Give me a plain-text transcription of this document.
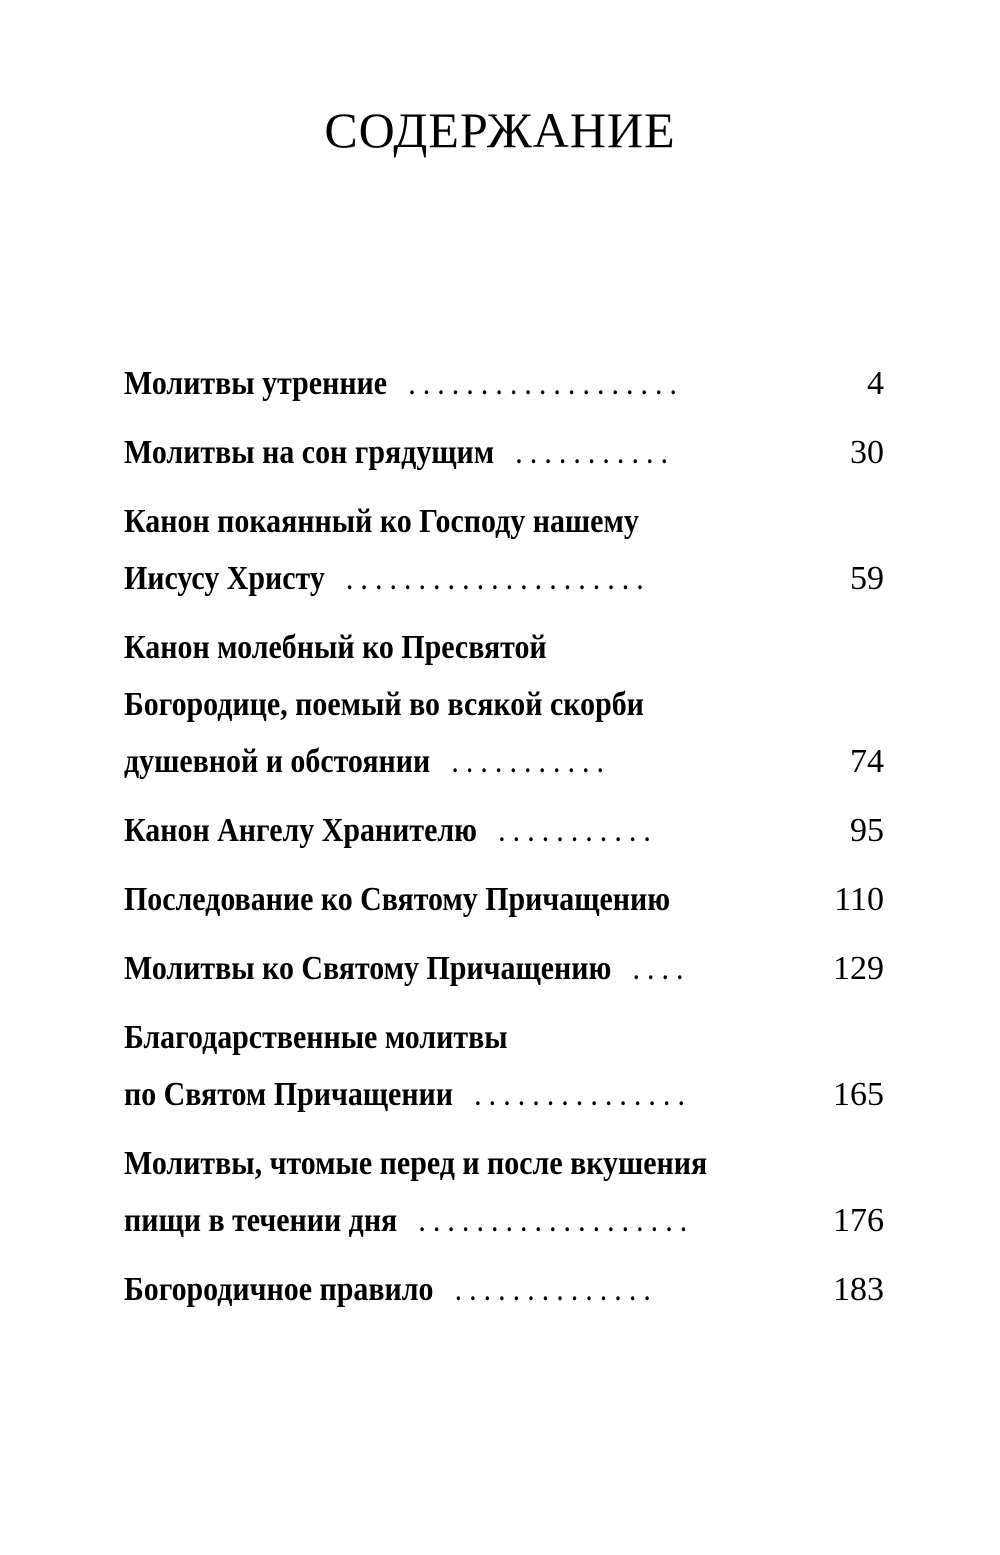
СОДЕРЖАНИЕ
Молитвы утренние ...................	4
Молитвы на сон грядущим ...........	30
Канон покаянный ко Господу нашему
Иисусу Христу .....................	59
Канон молебный ко Пресвятой
Богородице, поемый во всякой скорби
душевной и обстоянии ...........	74
Канон Ангелу Хранителю ...........	95
Последование ко Святому Причащению	110
Молитвы ко Святому Причащению ....	129
Благодарственные молитвы
по Святом Причащении ...............	165
Молитвы, чтомые перед и после вкушения
пищи в течении дня ...................	176
Богородичное правило ..............	183
